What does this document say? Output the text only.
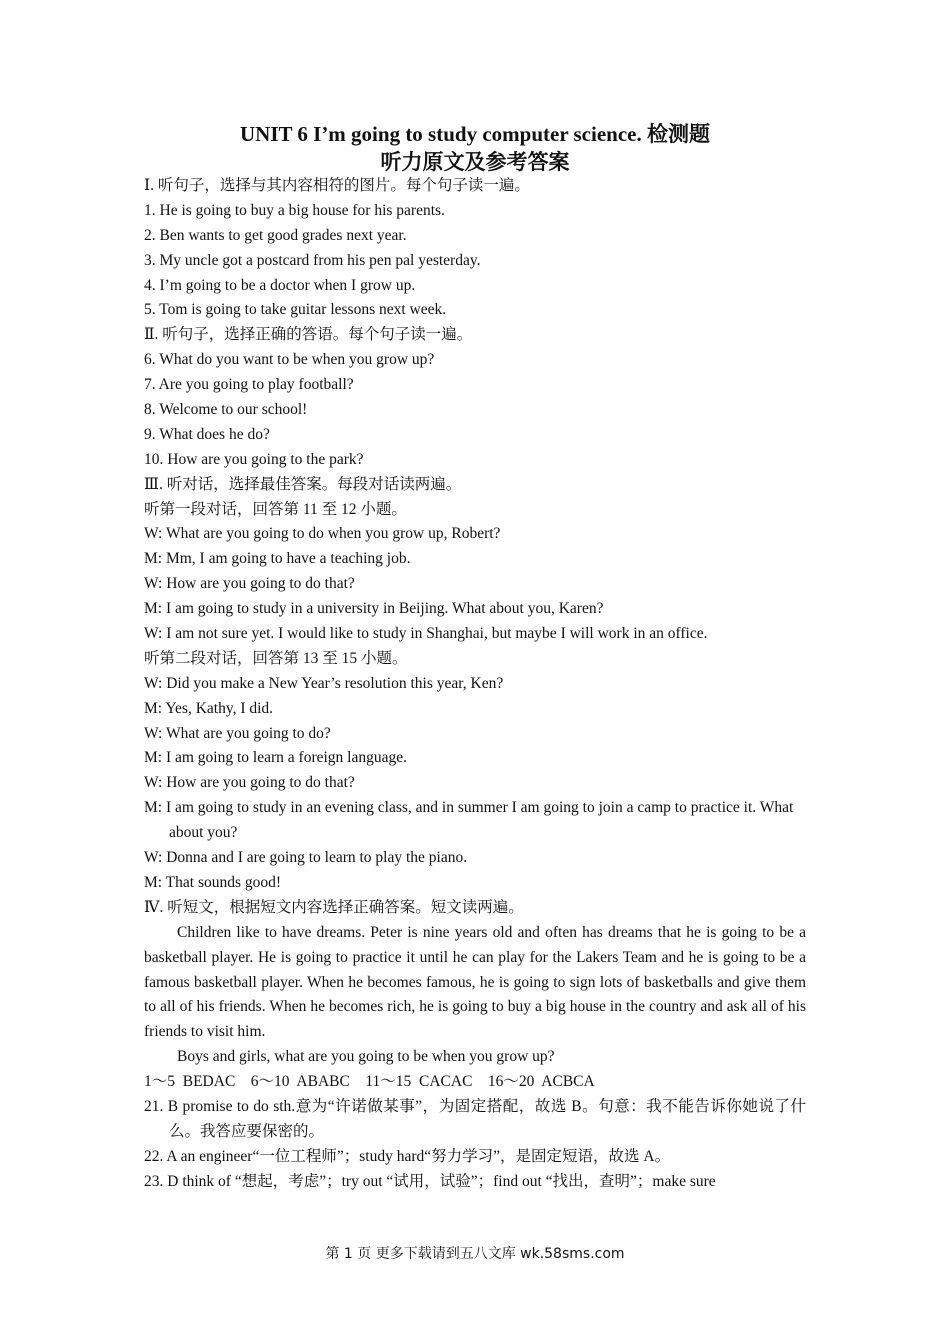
UNIT 6 I’m going to study computer science. 检测题
听力原文及参考答案
Ⅰ. 听句子，选择与其内容相符的图片。每个句子读一遍。
1. He is going to buy a big house for his parents.
2. Ben wants to get good grades next year.
3. My uncle got a postcard from his pen pal yesterday.
4. I’m going to be a doctor when I grow up.
5. Tom is going to take guitar lessons next week.
Ⅱ. 听句子，选择正确的答语。每个句子读一遍。
6. What do you want to be when you grow up?
7. Are you going to play football?
8. Welcome to our school!
9. What does he do?
10. How are you going to the park?
Ⅲ. 听对话，选择最佳答案。每段对话读两遍。
听第一段对话，回答第 11 至 12 小题。
W: What are you going to do when you grow up, Robert?
M: Mm, I am going to have a teaching job.
W: How are you going to do that?
M: I am going to study in a university in Beijing. What about you, Karen?
W: I am not sure yet. I would like to study in Shanghai, but maybe I will work in an office.
听第二段对话，回答第 13 至 15 小题。
W: Did you make a New Year’s resolution this year, Ken?
M: Yes, Kathy, I did.
W: What are you going to do?
M: I am going to learn a foreign language.
W: How are you going to do that?
M: I am going to study in an evening class, and in summer I am going to join a camp to practice it. What about you?
W: Donna and I are going to learn to play the piano.
M: That sounds good!
Ⅳ. 听短文，根据短文内容选择正确答案。短文读两遍。
Children like to have dreams. Peter is nine years old and often has dreams that he is going to be a basketball player. He is going to practice it until he can play for the Lakers Team and he is going to be a famous basketball player. When he becomes famous, he is going to sign lots of basketballs and give them to all of his friends. When he becomes rich, he is going to buy a big house in the country and ask all of his friends to visit him.
Boys and girls, what are you going to be when you grow up?
1～5  BEDAC    6～10  ABABC    11～15  CACAC    16～20  ACBCA
21. B promise to do sth.意为“许诺做某事”，为固定搭配，故选 B。句意：我不能告诉你她说了什么。我答应要保密的。
22. A an engineer“一位工程师”；study hard“努力学习”，是固定短语，故选 A。
23. D think of “想起，考虑”；try out “试用，试验”；find out “找出，查明”；make sure
第 1 页 更多下载请到五八文库 wk.58sms.com
